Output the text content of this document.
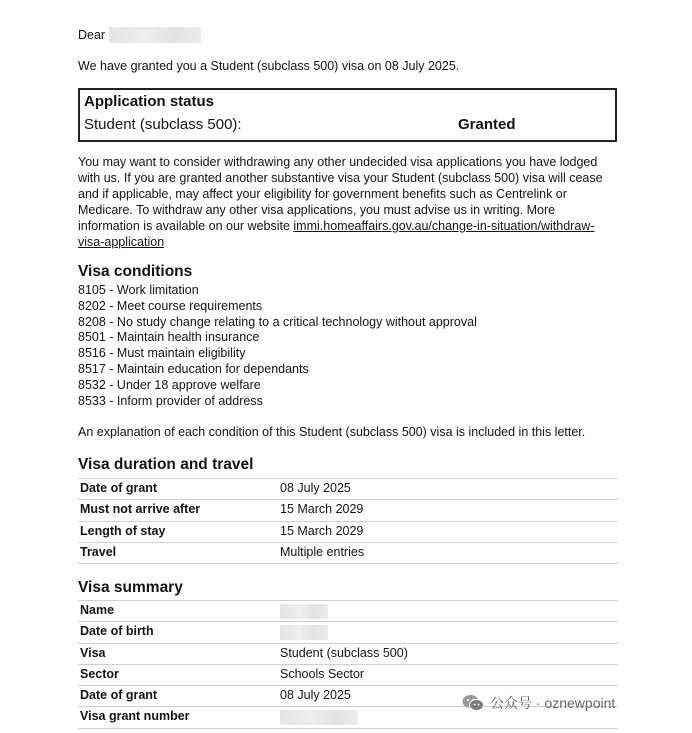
Dear
We have granted you a Student (subclass 500) visa on 08 July 2025.
Application status
Student (subclass 500):	Granted
You may want to consider withdrawing any other undecided visa applications you have lodged with us. If you are granted another substantive visa your Student (subclass 500) visa will cease and if applicable, may affect your eligibility for government benefits such as Centrelink or Medicare. To withdraw any other visa applications, you must advise us in writing. More information is available on our website immi.homeaffairs.gov.au/change-in-situation/withdraw-visa-application
Visa conditions
8105 - Work limitation
8202 - Meet course requirements
8208 - No study change relating to a critical technology without approval
8501 - Maintain health insurance
8516 - Must maintain eligibility
8517 - Maintain education for dependants
8532 - Under 18 approve welfare
8533 - Inform provider of address
An explanation of each condition of this Student (subclass 500) visa is included in this letter.
Visa duration and travel
Date of grant	08 July 2025
Must not arrive after	15 March 2029
Length of stay	15 March 2029
Travel	Multiple entries
Visa summary
Name
Date of birth
Visa	Student (subclass 500)
Sector	Schools Sector
Date of grant	08 July 2025
Visa grant number
公众号 · oznewpoint
